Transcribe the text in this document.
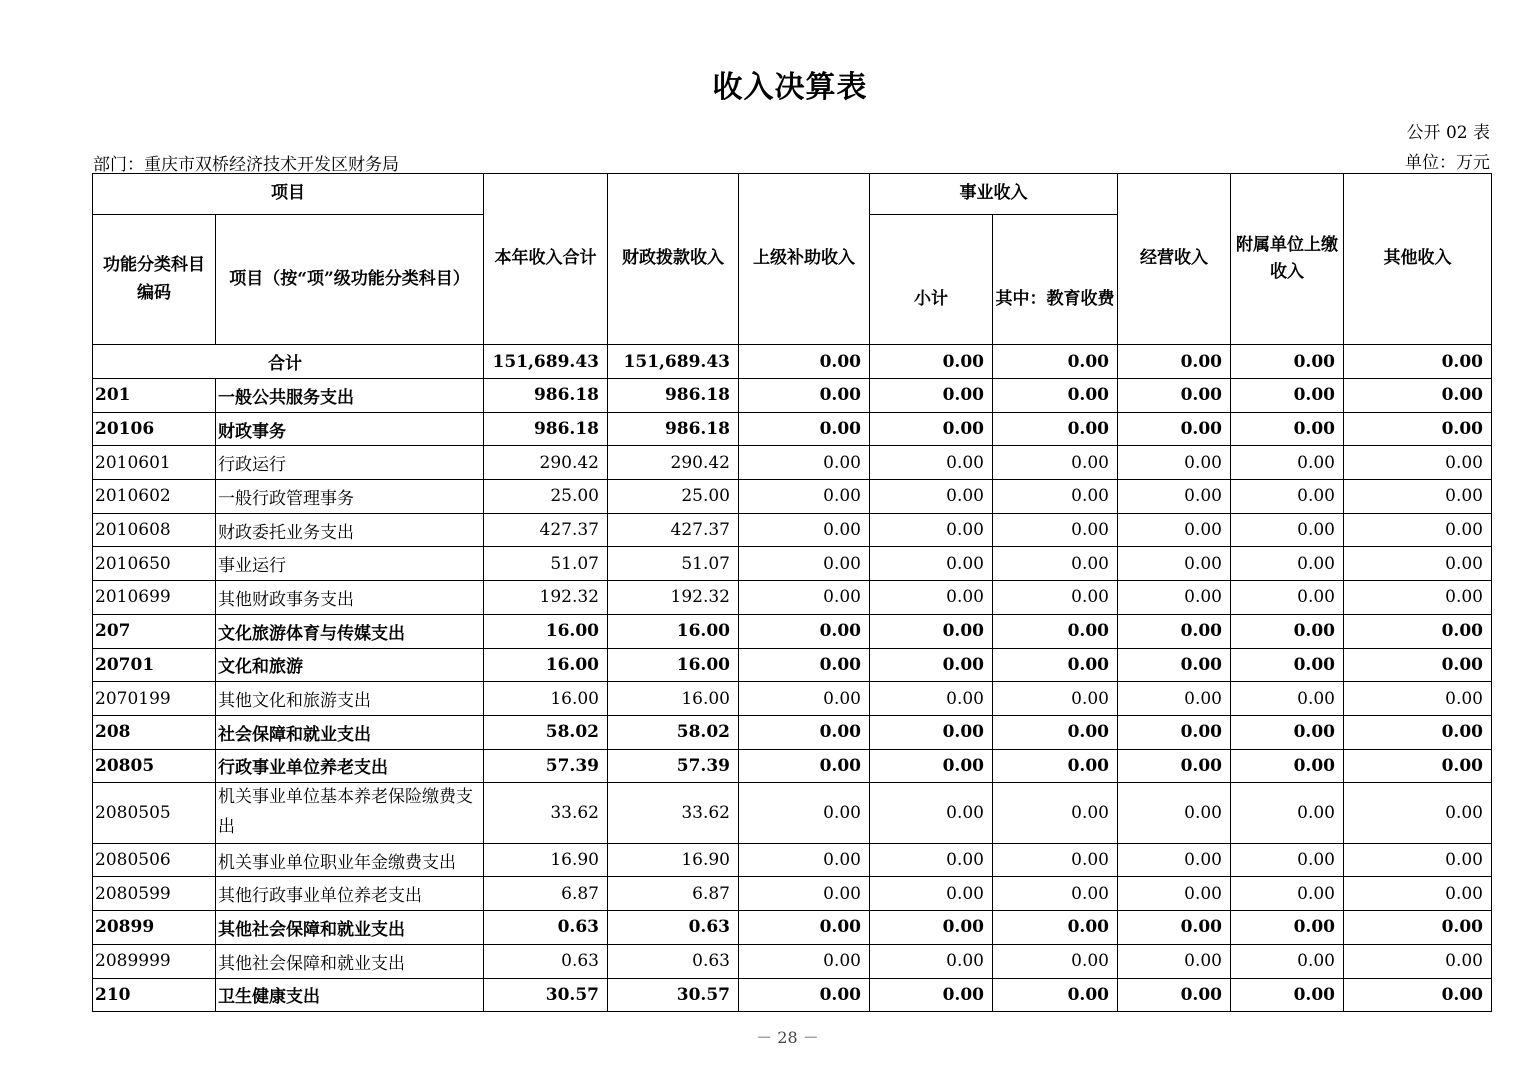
收入决算表
公开 02 表
部门：重庆市双桥经济技术开发区财务局	单位：万元
项目		本年收入合计	财政拨款收入	上级补助收入	事业收入		经营收入	附属单位上缴收入	其他收入
功能分类科目编码	项目（按“项”级功能分类科目）				小计	其中：教育收费			
合计		151,689.43	151,689.43	0.00	0.00	0.00	0.00	0.00	0.00
201	一般公共服务支出	986.18	986.18	0.00	0.00	0.00	0.00	0.00	0.00
20106	财政事务	986.18	986.18	0.00	0.00	0.00	0.00	0.00	0.00
2010601	行政运行	290.42	290.42	0.00	0.00	0.00	0.00	0.00	0.00
2010602	一般行政管理事务	25.00	25.00	0.00	0.00	0.00	0.00	0.00	0.00
2010608	财政委托业务支出	427.37	427.37	0.00	0.00	0.00	0.00	0.00	0.00
2010650	事业运行	51.07	51.07	0.00	0.00	0.00	0.00	0.00	0.00
2010699	其他财政事务支出	192.32	192.32	0.00	0.00	0.00	0.00	0.00	0.00
207	文化旅游体育与传媒支出	16.00	16.00	0.00	0.00	0.00	0.00	0.00	0.00
20701	文化和旅游	16.00	16.00	0.00	0.00	0.00	0.00	0.00	0.00
2070199	其他文化和旅游支出	16.00	16.00	0.00	0.00	0.00	0.00	0.00	0.00
208	社会保障和就业支出	58.02	58.02	0.00	0.00	0.00	0.00	0.00	0.00
20805	行政事业单位养老支出	57.39	57.39	0.00	0.00	0.00	0.00	0.00	0.00
2080505	机关事业单位基本养老保险缴费支出	33.62	33.62	0.00	0.00	0.00	0.00	0.00	0.00
2080506	机关事业单位职业年金缴费支出	16.90	16.90	0.00	0.00	0.00	0.00	0.00	0.00
2080599	其他行政事业单位养老支出	6.87	6.87	0.00	0.00	0.00	0.00	0.00	0.00
20899	其他社会保障和就业支出	0.63	0.63	0.00	0.00	0.00	0.00	0.00	0.00
2089999	其他社会保障和就业支出	0.63	0.63	0.00	0.00	0.00	0.00	0.00	0.00
210	卫生健康支出	30.57	30.57	0.00	0.00	0.00	0.00	0.00	0.00
－ 28 －
